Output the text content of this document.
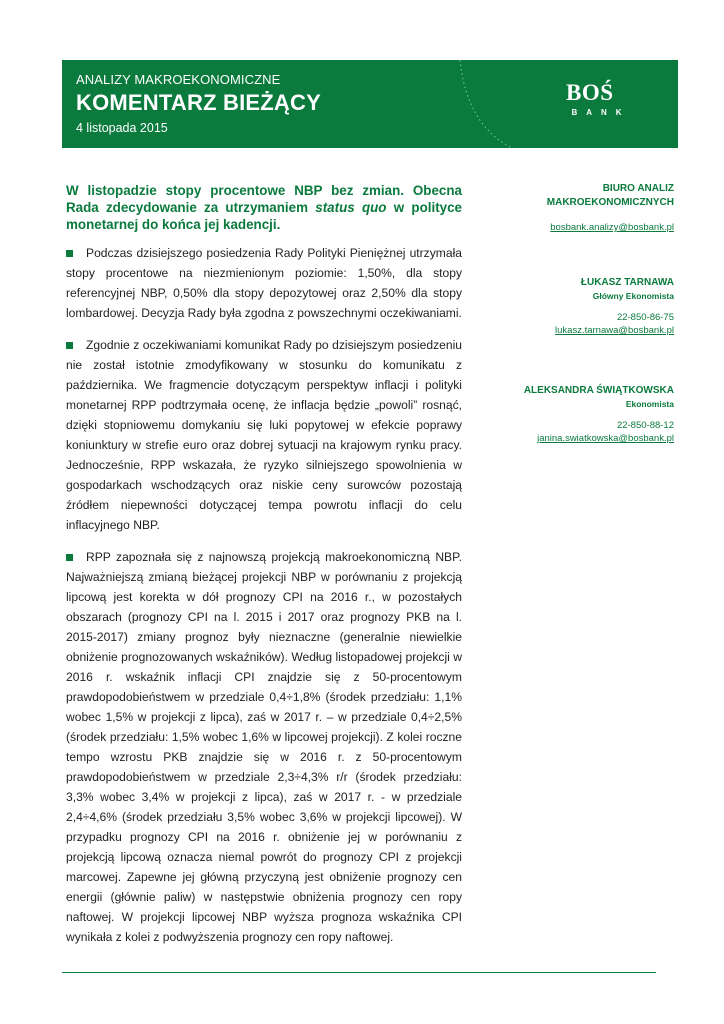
ANALIZY MAKROEKONOMICZNE
KOMENTARZ BIEŻĄCY
4 listopada 2015
BOŚ
BANK

W listopadzie stopy procentowe NBP bez zmian. Obecna Rada zdecydowanie za utrzymaniem status quo w polityce monetarnej do końca jej kadencji.

Podczas dzisiejszego posiedzenia Rady Polityki Pieniężnej utrzymała stopy procentowe na niezmienionym poziomie: 1,50%, dla stopy referencyjnej NBP, 0,50% dla stopy depozytowej oraz 2,50% dla stopy lombardowej. Decyzja Rady była zgodna z powszechnymi oczekiwaniami.

Zgodnie z oczekiwaniami komunikat Rady po dzisiejszym posiedzeniu nie został istotnie zmodyfikowany w stosunku do komunikatu z października. We fragmencie dotyczącym perspektyw inflacji i polityki monetarnej RPP podtrzymała ocenę, że inflacja będzie „powoli” rosnąć, dzięki stopniowemu domykaniu się luki popytowej w efekcie poprawy koniunktury w strefie euro oraz dobrej sytuacji na krajowym rynku pracy. Jednocześnie, RPP wskazała, że ryzyko silniejszego spowolnienia w gospodarkach wschodzących oraz niskie ceny surowców pozostają źródłem niepewności dotyczącej tempa powrotu inflacji do celu inflacyjnego NBP.

RPP zapoznała się z najnowszą projekcją makroekonomiczną NBP. Najważniejszą zmianą bieżącej projekcji NBP w porównaniu z projekcją lipcową jest korekta w dół prognozy CPI na 2016 r., w pozostałych obszarach (prognozy CPI na l. 2015 i 2017 oraz prognozy PKB na l. 2015-2017) zmiany prognoz były nieznaczne (generalnie niewielkie obniżenie prognozowanych wskaźników). Według listopadowej projekcji w 2016 r. wskaźnik inflacji CPI znajdzie się z 50-procentowym prawdopodobieństwem w przedziale 0,4÷1,8% (środek przedziału: 1,1% wobec 1,5% w projekcji z lipca), zaś w 2017 r. – w przedziale 0,4÷2,5% (środek przedziału: 1,5% wobec 1,6% w lipcowej projekcji). Z kolei roczne tempo wzrostu PKB znajdzie się w 2016 r. z 50-procentowym prawdopodobieństwem w przedziale 2,3÷4,3% r/r (środek przedziału: 3,3% wobec 3,4% w projekcji z lipca), zaś w 2017 r. - w przedziale 2,4÷4,6% (środek przedziału 3,5% wobec 3,6% w projekcji lipcowej). W przypadku prognozy CPI na 2016 r. obniżenie jej w porównaniu z projekcją lipcową oznacza niemal powrót do prognozy CPI z projekcji marcowej. Zapewne jej główną przyczyną jest obniżenie prognozy cen energii (głównie paliw) w następstwie obniżenia prognozy cen ropy naftowej. W projekcji lipcowej NBP wyższa prognoza wskaźnika CPI wynikała z kolei z podwyższenia prognozy cen ropy naftowej.

BIURO ANALIZ

MAKROEKONOMICZNYCH

bosbank.analizy@bosbank.pl

ŁUKASZ TARNAWA

Główny Ekonomista

22-850-86-75

lukasz.tarnawa@bosbank.pl

ALEKSANDRA ŚWIĄTKOWSKA

Ekonomista

22-850-88-12

janina.swiatkowska@bosbank.pl
